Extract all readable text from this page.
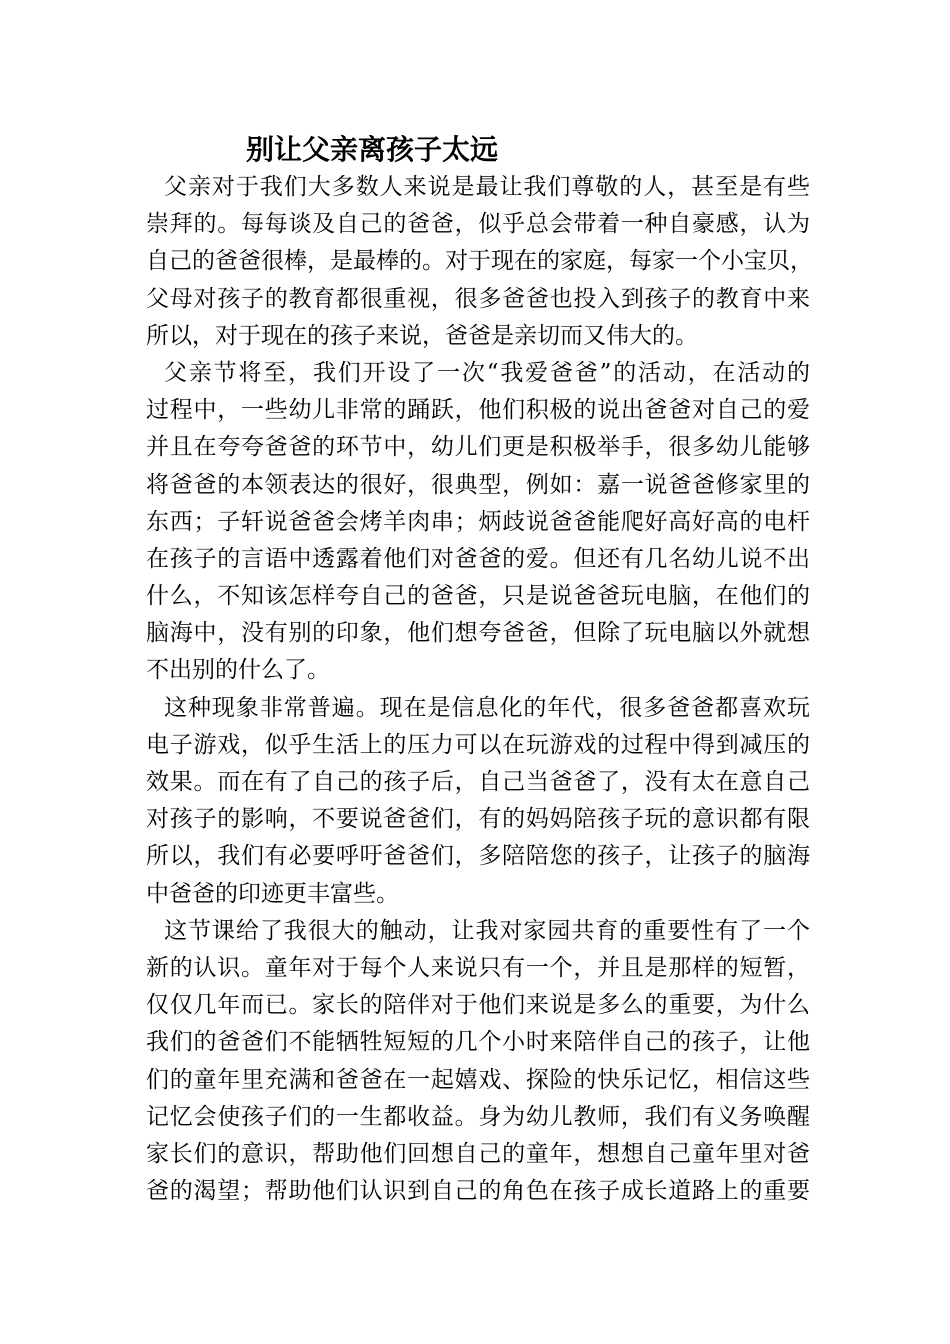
别让父亲离孩子太远
父亲对于我们大多数人来说是最让我们尊敬的人，甚至是有些
崇拜的。每每谈及自己的爸爸，似乎总会带着一种自豪感，认为
自己的爸爸很棒，是最棒的。对于现在的家庭，每家一个小宝贝，
父母对孩子的教育都很重视，很多爸爸也投入到孩子的教育中来
所以，对于现在的孩子来说，爸爸是亲切而又伟大的。
父亲节将至，我们开设了一次“我爱爸爸”的活动，在活动的
过程中，一些幼儿非常的踊跃，他们积极的说出爸爸对自己的爱
并且在夸夸爸爸的环节中，幼儿们更是积极举手，很多幼儿能够
将爸爸的本领表达的很好，很典型，例如：嘉一说爸爸修家里的
东西；子轩说爸爸会烤羊肉串；炳歧说爸爸能爬好高好高的电杆
在孩子的言语中透露着他们对爸爸的爱。但还有几名幼儿说不出
什么，不知该怎样夸自己的爸爸，只是说爸爸玩电脑，在他们的
脑海中，没有别的印象，他们想夸爸爸，但除了玩电脑以外就想
不出别的什么了。
这种现象非常普遍。现在是信息化的年代，很多爸爸都喜欢玩
电子游戏，似乎生活上的压力可以在玩游戏的过程中得到减压的
效果。而在有了自己的孩子后，自己当爸爸了，没有太在意自己
对孩子的影响，不要说爸爸们，有的妈妈陪孩子玩的意识都有限
所以，我们有必要呼吁爸爸们，多陪陪您的孩子，让孩子的脑海
中爸爸的印迹更丰富些。
这节课给了我很大的触动，让我对家园共育的重要性有了一个
新的认识。童年对于每个人来说只有一个，并且是那样的短暂，
仅仅几年而已。家长的陪伴对于他们来说是多么的重要，为什么
我们的爸爸们不能牺牲短短的几个小时来陪伴自己的孩子，让他
们的童年里充满和爸爸在一起嬉戏、探险的快乐记忆，相信这些
记忆会使孩子们的一生都收益。身为幼儿教师，我们有义务唤醒
家长们的意识，帮助他们回想自己的童年，想想自己童年里对爸
爸的渴望；帮助他们认识到自己的角色在孩子成长道路上的重要
